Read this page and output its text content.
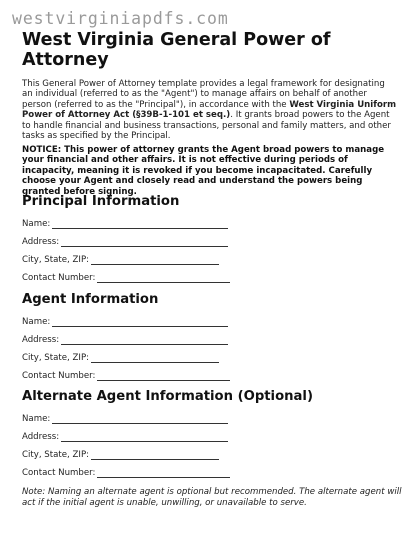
westvirginiapdfs.com
West Virginia General Power of Attorney

This General Power of Attorney template provides a legal framework for designating an individual (referred to as the "Agent") to manage affairs on behalf of another person (referred to as the "Principal"), in accordance with the West Virginia Uniform Power of Attorney Act (§39B-1-101 et seq.). It grants broad powers to the Agent to handle financial and business transactions, personal and family matters, and other tasks as specified by the Principal.

NOTICE: This power of attorney grants the Agent broad powers to manage your financial and other affairs. It is not effective during periods of incapacity, meaning it is revoked if you become incapacitated. Carefully choose your Agent and closely read and understand the powers being granted before signing.

Principal Information
Name:
Address:
City, State, ZIP:
Contact Number:
Agent Information
Name:
Address:
City, State, ZIP:
Contact Number:
Alternate Agent Information (Optional)
Name:
Address:
City, State, ZIP:
Contact Number:

Note: Naming an alternate agent is optional but recommended. The alternate agent will act if the initial agent is unable, unwilling, or unavailable to serve.
